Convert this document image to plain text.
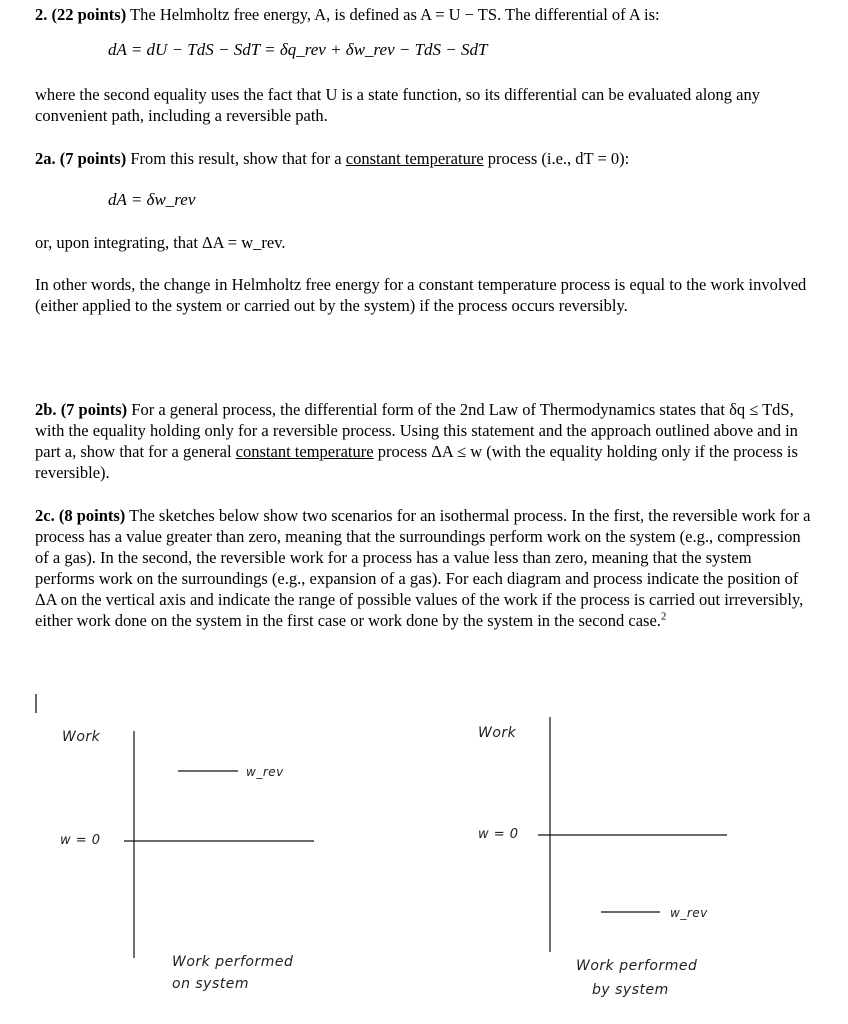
2. (22 points) The Helmholtz free energy, A, is defined as A = U − TS. The differential of A is:

dA = dU − TdS − SdT = δq_rev + δw_rev − TdS − SdT

where the second equality uses the fact that U is a state function, so its differential can be evaluated along any convenient path, including a reversible path.

2a. (7 points) From this result, show that for a constant temperature process (i.e., dT = 0):

dA = δw_rev

or, upon integrating, that ΔA = w_rev.

In other words, the change in Helmholtz free energy for a constant temperature process is equal to the work involved (either applied to the system or carried out by the system) if the process occurs reversibly.

2b. (7 points) For a general process, the differential form of the 2nd Law of Thermodynamics states that δq ≤ TdS, with the equality holding only for a reversible process. Using this statement and the approach outlined above and in part a, show that for a general constant temperature process ΔA ≤ w (with the equality holding only if the process is reversible).

2c. (8 points) The sketches below show two scenarios for an isothermal process. In the first, the reversible work for a process has a value greater than zero, meaning that the surroundings perform work on the system (e.g., compression of a gas). In the second, the reversible work for a process has a value less than zero, meaning that the system performs work on the surroundings (e.g., expansion of a gas). For each diagram and process indicate the position of ΔA on the vertical axis and indicate the range of possible values of the work if the process is carried out irreversibly, either work done on the system in the first case or work done by the system in the second case.$^2$

Work
w = 0
w_rev
Work performed
on system
Work
w = 0
w_rev
Work performed
by system
